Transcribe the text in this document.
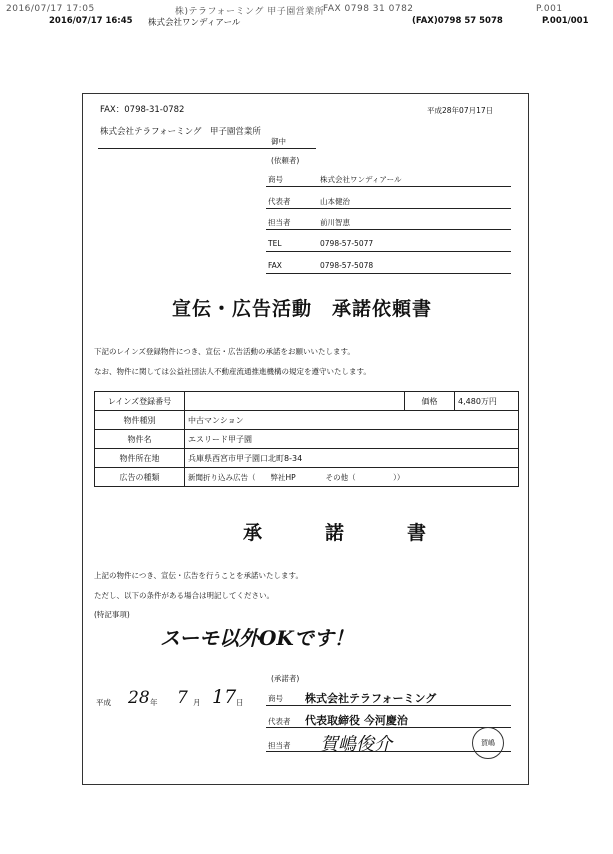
2016/07/17 17:05	株)テラフォーミング 甲子園営業所
FAX 0798 31 0782	P.001
2016/07/17 16:45 株式会社ワンディアール	(FAX)0798 57 5078	P.001/001
FAX：0798-31-0782	平成28年07月17日
株式会社テラフォーミング　甲子園営業所
御中
(依頼者)
商号	株式会社ワンディアール
代表者	山本健治
担当者	前川智恵
TEL	0798-57-5077
FAX	0798-57-5078
宣伝・広告活動　承諾依頼書
下記のレインズ登録物件につき、宣伝・広告活動の承諾をお願いいたします。
なお、物件に関しては公益社団法人不動産流通推進機構の規定を遵守いたします。
レインズ登録番号		価格	4,480万円
物件種別	中古マンション		
物件名	エスリード甲子園		
物件所在地	兵庫県西宮市甲子園口北町8-34		
広告の種類	新聞折り込み広告（　　弊社HP　　　　その他（　　　　　））		
承　諾　書
上記の物件につき、宣伝・広告を行うことを承諾いたします。
ただし、以下の条件がある場合は明記してください。
(特記事項)
スーモ以外OKです！
平成 28 年 7 月 17 日
(承諾者)
商号 株式会社テラフォーミング
代表者 代表取締役 今河慶治
担当者 賀嶋俊介	賀嶋
